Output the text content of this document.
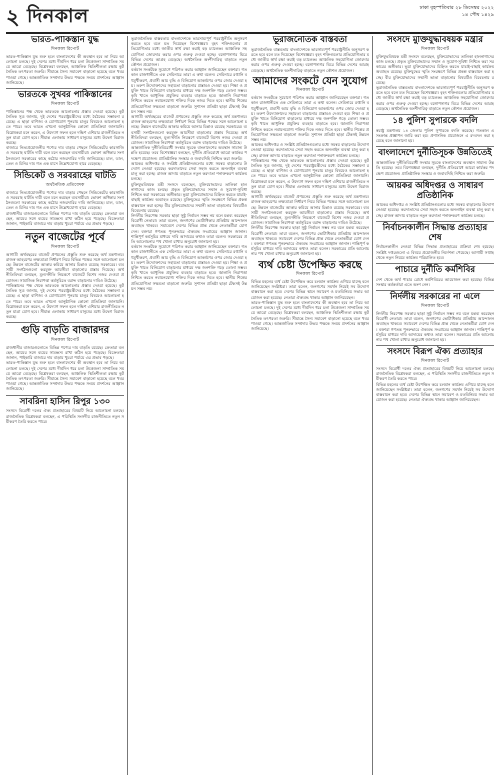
২ দিনকাল	ঢাকা বৃহস্পতিবার ২৮ ডিসেম্বর ২০২২
১৪ পৌষ ১৪২৯
ভারত-পাকিস্তান যুদ্ধ
দিনকাল রিপোর্ট
ভারত-পাকিস্তান যুদ্ধ শুরু হলে বাংলাদেশের কী অবস্থান হবে তা নিয়ে আলোচনা চলছে। দুই দেশের মধ্যে দীর্ঘদিন ধরে চলা উত্তেজনা সাম্প্রতিক সময়ে আরো বেড়েছে। বিশ্লেষকরা বলছেন, আঞ্চলিক স্থিতিশীলতা রক্ষায় কূটনৈতিক তৎপরতা জরুরি। সীমান্তে সৈন্য সমাবেশ বাড়ানো হয়েছে বলে খবর পাওয়া গেছে। আন্তর্জাতিক সম্প্রদায় উভয় পক্ষকে সংযম প্রদর্শনের আহ্বান জানিয়েছে।
ভারতকে সুখবর পাকিস্তানের
দিনকাল রিপোর্ট
পাকিস্তানের পক্ষ থেকে ভারতকে আলোচনার প্রস্তাব দেওয়া হয়েছে। কূটনৈতিক সূত্র জানায়, দুই দেশের পররাষ্ট্রমন্ত্রীদের মধ্যে বৈঠকের সম্ভাবনা রয়েছে। এ ছাড়া বাণিজ্য ও যোগাযোগ পুনরায় চালুর বিষয়েও আলোচনা হতে পারে। তবে ভারত এখনো আনুষ্ঠানিক কোনো প্রতিক্রিয়া জানায়নি। বিশ্লেষকরা মনে করেন, এ উদ্যোগ সফল হলে দক্ষিণ এশিয়ার রাজনীতিতে নতুন মাত্রা যোগ হবে। সীমান্ত এলাকায় সাধারণ মানুষের মধ্যে উদ্বেগ বিরাজ করছে।
বাজারে নিত্যপ্রয়োজনীয় পণ্যের দাম বাড়ার পেছনে সিন্ডিকেটের কারসাজি ও সরবরাহ ঘাটতি দায়ী বলে মনে করছেন ব্যবসায়ীরা। ভোক্তা অধিকার সংগঠনগুলো সরকারের কাছে কঠোর নজরদারির দাবি জানিয়েছে। চাল, ডাল, তেল ও চিনির দাম গত এক মাসে উল্লেখযোগ্য হারে বেড়েছে।
সিন্ডিকেট ও সরবরাহের ঘাটতি
অর্থনৈতিক প্রতিবেদক
বাজারে নিত্যপ্রয়োজনীয় পণ্যের দাম বাড়ার পেছনে সিন্ডিকেটের কারসাজি ও সরবরাহ ঘাটতি দায়ী বলে মনে করছেন ব্যবসায়ীরা। ভোক্তা অধিকার সংগঠনগুলো সরকারের কাছে কঠোর নজরদারির দাবি জানিয়েছে। চাল, ডাল, তেল ও চিনির দাম গত এক মাসে উল্লেখযোগ্য হারে বেড়েছে।
রাজধানীর বাজারগুলোতে বিভিন্ন পণ্যের দাম বাড়তি রয়েছে। ক্রেতারা বলছেন, আয়ের সঙ্গে ব্যয়ের সামঞ্জস্য রাখা কঠিন হয়ে পড়েছে। বিক্রেতারা জানান, পাইকারি বাজারে দাম বাড়ায় খুচরা পর্যায়ে এর প্রভাব পড়ছে।
নতুন বাজেটের পূর্বে
দিনকাল রিপোর্ট
আগামী অর্থবছরের বাজেট প্রণয়নের প্রস্তুতি শুরু করেছে অর্থ মন্ত্রণালয়। রাজস্ব আহরণের লক্ষ্যমাত্রা নির্ধারণ নিয়ে বিভিন্ন পক্ষের সঙ্গে আলোচনা চলছে। উন্নয়ন বাজেটের আকার কমিয়ে আনার চিন্তাও রয়েছে সরকারের। ব্যবসায়ী সংগঠনগুলো করমুক্ত আয়সীমা বাড়ানোর প্রস্তাব দিয়েছে। অর্থনীতিবিদরা বলছেন, মূল্যস্ফীতি নিয়ন্ত্রণে বাজেটে বিশেষ নজর দেওয়া প্রয়োজন। সামাজিক নিরাপত্তা কর্মসূচিতে বরাদ্দ বাড়ানোর দাবিও উঠেছে।
পাকিস্তানের পক্ষ থেকে ভারতকে আলোচনার প্রস্তাব দেওয়া হয়েছে। কূটনৈতিক সূত্র জানায়, দুই দেশের পররাষ্ট্রমন্ত্রীদের মধ্যে বৈঠকের সম্ভাবনা রয়েছে। এ ছাড়া বাণিজ্য ও যোগাযোগ পুনরায় চালুর বিষয়েও আলোচনা হতে পারে। তবে ভারত এখনো আনুষ্ঠানিক কোনো প্রতিক্রিয়া জানায়নি। বিশ্লেষকরা মনে করেন, এ উদ্যোগ সফল হলে দক্ষিণ এশিয়ার রাজনীতিতে নতুন মাত্রা যোগ হবে। সীমান্ত এলাকায় সাধারণ মানুষের মধ্যে উদ্বেগ বিরাজ করছে।
গুড়ি বাড়তি বাজারদর
দিনকাল রিপোর্ট
রাজধানীর বাজারগুলোতে বিভিন্ন পণ্যের দাম বাড়তি রয়েছে। ক্রেতারা বলছেন, আয়ের সঙ্গে ব্যয়ের সামঞ্জস্য রাখা কঠিন হয়ে পড়েছে। বিক্রেতারা জানান, পাইকারি বাজারে দাম বাড়ায় খুচরা পর্যায়ে এর প্রভাব পড়ছে।
ভারত-পাকিস্তান যুদ্ধ শুরু হলে বাংলাদেশের কী অবস্থান হবে তা নিয়ে আলোচনা চলছে। দুই দেশের মধ্যে দীর্ঘদিন ধরে চলা উত্তেজনা সাম্প্রতিক সময়ে আরো বেড়েছে। বিশ্লেষকরা বলছেন, আঞ্চলিক স্থিতিশীলতা রক্ষায় কূটনৈতিক তৎপরতা জরুরি। সীমান্তে সৈন্য সমাবেশ বাড়ানো হয়েছে বলে খবর পাওয়া গেছে। আন্তর্জাতিক সম্প্রদায় উভয় পক্ষকে সংযম প্রদর্শনের আহ্বান জানিয়েছে।
সাবরিনা হাসিন রিপুর ১৩০
সংসদে বিরোধী দলের ঐক্য প্রত্যাহারের বিষয়টি নিয়ে আলোচনা চলছে। রাজনৈতিক বিশ্লেষকরা বলছেন, এ পরিস্থিতি সংসদীয় রাজনীতিতে নতুন সমীকরণ তৈরি করতে পারে।
ভূরাজনৈতিক বাস্তবতায় বাংলাদেশকে ভারসাম্যপূর্ণ পররাষ্ট্রনীতি অনুসরণ করতে হবে বলে মত দিয়েছেন বিশেষজ্ঞরা। বৃহৎ শক্তিগুলোর প্রতিযোগিতার মধ্যে জাতীয় স্বার্থ রক্ষা করাই বড় চ্যালেঞ্জ। আঞ্চলিক সহযোগিতা জোরদার করার ওপর গুরুত্ব দেওয়া হচ্ছে। বঙ্গোপসাগর ঘিরে বিভিন্ন দেশের আগ্রহ বেড়েছে। অর্থনৈতিক অংশীদারিত্ব বাড়াতে নতুন কৌশল প্রয়োজন।
বর্তমান সংকটকে সুযোগে পরিণত করার আহ্বান জানিয়েছেন বক্তারা। গতকাল রাজধানীতে এক সেমিনারে তারা এ কথা বলেন। সেমিনারে রপ্তানি বহুমুখীকরণ, প্রবাসী আয় বৃদ্ধি ও বিনিয়োগ আকর্ষণের ওপর জোর দেওয়া হয়। তরুণ উদ্যোক্তাদের সহায়তা বাড়ানোর প্রস্তাবও দেওয়া হয়। শিক্ষা ও প্রযুক্তি খাতে বিনিয়োগ বাড়ানোর মাধ্যমে দক্ষ জনশক্তি গড়ে তোলা সম্ভব। কৃষি খাতে আধুনিক প্রযুক্তির ব্যবহার বাড়াতে হবে। জ্বালানি নিরাপত্তা নিশ্চিত করতে নবায়নযোগ্য শক্তির দিকে নজর দিতে হবে। স্থানীয় শিল্পের প্রতিযোগিতা সক্ষমতা বাড়ানো জরুরি। সুশাসন প্রতিষ্ঠা ছাড়া টেকসই উন্নয়ন সম্ভব নয়।
আগামী অর্থবছরের বাজেট প্রণয়নের প্রস্তুতি শুরু করেছে অর্থ মন্ত্রণালয়। রাজস্ব আহরণের লক্ষ্যমাত্রা নির্ধারণ নিয়ে বিভিন্ন পক্ষের সঙ্গে আলোচনা চলছে। উন্নয়ন বাজেটের আকার কমিয়ে আনার চিন্তাও রয়েছে সরকারের। ব্যবসায়ী সংগঠনগুলো করমুক্ত আয়সীমা বাড়ানোর প্রস্তাব দিয়েছে। অর্থনীতিবিদরা বলছেন, মূল্যস্ফীতি নিয়ন্ত্রণে বাজেটে বিশেষ নজর দেওয়া প্রয়োজন। সামাজিক নিরাপত্তা কর্মসূচিতে বরাদ্দ বাড়ানোর দাবিও উঠেছে।
আন্তর্জাতিক দুর্নীতিবিরোধী সংস্থার সূচকে বাংলাদেশের অবস্থান সামান্য উন্নতি হয়েছে। তবে বিশেষজ্ঞরা বলছেন, দুর্নীতি প্রতিরোধে আরো কার্যকর পদক্ষেপ প্রয়োজন। প্রাতিষ্ঠানিক সংস্কার ও জবাবদিহি নিশ্চিত করা জরুরি।
আয়কর অধিদপ্তর ও সংশ্লিষ্ট প্রতিষ্ঠানগুলোর মধ্যে সমন্বয় বাড়ানোর উদ্যোগ নেওয়া হয়েছে। করদাতাদের সেবা সহজ করতে অনলাইন ব্যবস্থা চালু করা হচ্ছে। রাজস্ব আদায় বাড়াতে নতুন করদাতা শনাক্তকরণ কার্যক্রম চলছে।
মুক্তিযুদ্ধবিষয়ক মন্ত্রী সংসদে বলেছেন, মুক্তিযোদ্ধাদের তালিকা হালনাগাদের কাজ চলছে। প্রকৃত মুক্তিযোদ্ধাদের সম্মান ও সুযোগ-সুবিধা নিশ্চিত করা সরকারের অঙ্গীকার। ভুয়া মুক্তিযোদ্ধাদের চিহ্নিত করতে যাচাই-বাছাই কার্যক্রম অব্যাহত রয়েছে। মুক্তিযুদ্ধের স্মৃতি সংরক্ষণে বিভিন্ন প্রকল্প বাস্তবায়ন করা হচ্ছে। বীর মুক্তিযোদ্ধাদের সম্মানী ভাতা বাড়ানোর বিষয়টিও বিবেচনায় রয়েছে।
নির্দলীয় নিরপেক্ষ সরকার ছাড়া সুষ্ঠু নির্বাচন সম্ভব নয় বলে মন্তব্য করেছেন বিরোধী নেতারা। তারা বলেন, জনগণের ভোটাধিকার প্রতিষ্ঠায় আন্দোলন অব্যাহত থাকবে। সমাবেশে দেশের বিভিন্ন প্রান্ত থেকে নেতাকর্মীরা যোগ দেন। বক্তারা গণতন্ত্র পুনরুদ্ধারে ঐক্যবদ্ধ সংগ্রামের আহ্বান জানান। শান্তিপূর্ণ কর্মসূচির মাধ্যমে দাবি আদায়ের কথাও তারা বলেন। সরকারের প্রতি আলোচনার পথ খোলা রাখার অনুরোধ জানানো হয়।
বর্তমান সংকটকে সুযোগে পরিণত করার আহ্বান জানিয়েছেন বক্তারা। গতকাল রাজধানীতে এক সেমিনারে তারা এ কথা বলেন। সেমিনারে রপ্তানি বহুমুখীকরণ, প্রবাসী আয় বৃদ্ধি ও বিনিয়োগ আকর্ষণের ওপর জোর দেওয়া হয়। তরুণ উদ্যোক্তাদের সহায়তা বাড়ানোর প্রস্তাবও দেওয়া হয়। শিক্ষা ও প্রযুক্তি খাতে বিনিয়োগ বাড়ানোর মাধ্যমে দক্ষ জনশক্তি গড়ে তোলা সম্ভব। কৃষি খাতে আধুনিক প্রযুক্তির ব্যবহার বাড়াতে হবে। জ্বালানি নিরাপত্তা নিশ্চিত করতে নবায়নযোগ্য শক্তির দিকে নজর দিতে হবে। স্থানীয় শিল্পের প্রতিযোগিতা সক্ষমতা বাড়ানো জরুরি। সুশাসন প্রতিষ্ঠা ছাড়া টেকসই উন্নয়ন সম্ভব নয়।
ভূরাজনৈতিক বাস্তবতা
ভূরাজনৈতিক বাস্তবতায় বাংলাদেশকে ভারসাম্যপূর্ণ পররাষ্ট্রনীতি অনুসরণ করতে হবে বলে মত দিয়েছেন বিশেষজ্ঞরা। বৃহৎ শক্তিগুলোর প্রতিযোগিতার মধ্যে জাতীয় স্বার্থ রক্ষা করাই বড় চ্যালেঞ্জ। আঞ্চলিক সহযোগিতা জোরদার করার ওপর গুরুত্ব দেওয়া হচ্ছে। বঙ্গোপসাগর ঘিরে বিভিন্ন দেশের আগ্রহ বেড়েছে। অর্থনৈতিক অংশীদারিত্ব বাড়াতে নতুন কৌশল প্রয়োজন।
আমাদের সংকটে যেন সুযোগ
দিনকাল রিপোর্ট
বর্তমান সংকটকে সুযোগে পরিণত করার আহ্বান জানিয়েছেন বক্তারা। গতকাল রাজধানীতে এক সেমিনারে তারা এ কথা বলেন। সেমিনারে রপ্তানি বহুমুখীকরণ, প্রবাসী আয় বৃদ্ধি ও বিনিয়োগ আকর্ষণের ওপর জোর দেওয়া হয়। তরুণ উদ্যোক্তাদের সহায়তা বাড়ানোর প্রস্তাবও দেওয়া হয়। শিক্ষা ও প্রযুক্তি খাতে বিনিয়োগ বাড়ানোর মাধ্যমে দক্ষ জনশক্তি গড়ে তোলা সম্ভব। কৃষি খাতে আধুনিক প্রযুক্তির ব্যবহার বাড়াতে হবে। জ্বালানি নিরাপত্তা নিশ্চিত করতে নবায়নযোগ্য শক্তির দিকে নজর দিতে হবে। স্থানীয় শিল্পের প্রতিযোগিতা সক্ষমতা বাড়ানো জরুরি। সুশাসন প্রতিষ্ঠা ছাড়া টেকসই উন্নয়ন সম্ভব নয়।
আয়কর অধিদপ্তর ও সংশ্লিষ্ট প্রতিষ্ঠানগুলোর মধ্যে সমন্বয় বাড়ানোর উদ্যোগ নেওয়া হয়েছে। করদাতাদের সেবা সহজ করতে অনলাইন ব্যবস্থা চালু করা হচ্ছে। রাজস্ব আদায় বাড়াতে নতুন করদাতা শনাক্তকরণ কার্যক্রম চলছে।
পাকিস্তানের পক্ষ থেকে ভারতকে আলোচনার প্রস্তাব দেওয়া হয়েছে। কূটনৈতিক সূত্র জানায়, দুই দেশের পররাষ্ট্রমন্ত্রীদের মধ্যে বৈঠকের সম্ভাবনা রয়েছে। এ ছাড়া বাণিজ্য ও যোগাযোগ পুনরায় চালুর বিষয়েও আলোচনা হতে পারে। তবে ভারত এখনো আনুষ্ঠানিক কোনো প্রতিক্রিয়া জানায়নি। বিশ্লেষকরা মনে করেন, এ উদ্যোগ সফল হলে দক্ষিণ এশিয়ার রাজনীতিতে নতুন মাত্রা যোগ হবে। সীমান্ত এলাকায় সাধারণ মানুষের মধ্যে উদ্বেগ বিরাজ করছে।
আগামী অর্থবছরের বাজেট প্রণয়নের প্রস্তুতি শুরু করেছে অর্থ মন্ত্রণালয়। রাজস্ব আহরণের লক্ষ্যমাত্রা নির্ধারণ নিয়ে বিভিন্ন পক্ষের সঙ্গে আলোচনা চলছে। উন্নয়ন বাজেটের আকার কমিয়ে আনার চিন্তাও রয়েছে সরকারের। ব্যবসায়ী সংগঠনগুলো করমুক্ত আয়সীমা বাড়ানোর প্রস্তাব দিয়েছে। অর্থনীতিবিদরা বলছেন, মূল্যস্ফীতি নিয়ন্ত্রণে বাজেটে বিশেষ নজর দেওয়া প্রয়োজন। সামাজিক নিরাপত্তা কর্মসূচিতে বরাদ্দ বাড়ানোর দাবিও উঠেছে।
নির্দলীয় নিরপেক্ষ সরকার ছাড়া সুষ্ঠু নির্বাচন সম্ভব নয় বলে মন্তব্য করেছেন বিরোধী নেতারা। তারা বলেন, জনগণের ভোটাধিকার প্রতিষ্ঠায় আন্দোলন অব্যাহত থাকবে। সমাবেশে দেশের বিভিন্ন প্রান্ত থেকে নেতাকর্মীরা যোগ দেন। বক্তারা গণতন্ত্র পুনরুদ্ধারে ঐক্যবদ্ধ সংগ্রামের আহ্বান জানান। শান্তিপূর্ণ কর্মসূচির মাধ্যমে দাবি আদায়ের কথাও তারা বলেন। সরকারের প্রতি আলোচনার পথ খোলা রাখার অনুরোধ জানানো হয়।
ব্যর্থ চেষ্টা উপেক্ষিত করছে
দিনকাল রিপোর্ট
বিভিন্ন মহলের ব্যর্থ চেষ্টা উপেক্ষিত করে চলমান কার্যক্রম এগিয়ে যাচ্ছে বলে জানিয়েছেন সংশ্লিষ্টরা। তারা বলেন, জনগণের সমর্থন নিয়েই সব উদ্যোগ বাস্তবায়ন করা হবে। দেশের বিভিন্ন স্থানে সমাবেশ ও মতবিনিময় সভার আয়োজন করা হয়েছে। নেতারা ঐক্যবদ্ধ থাকার আহ্বান জানিয়েছেন।
ভারত-পাকিস্তান যুদ্ধ শুরু হলে বাংলাদেশের কী অবস্থান হবে তা নিয়ে আলোচনা চলছে। দুই দেশের মধ্যে দীর্ঘদিন ধরে চলা উত্তেজনা সাম্প্রতিক সময়ে আরো বেড়েছে। বিশ্লেষকরা বলছেন, আঞ্চলিক স্থিতিশীলতা রক্ষায় কূটনৈতিক তৎপরতা জরুরি। সীমান্তে সৈন্য সমাবেশ বাড়ানো হয়েছে বলে খবর পাওয়া গেছে। আন্তর্জাতিক সম্প্রদায় উভয় পক্ষকে সংযম প্রদর্শনের আহ্বান জানিয়েছে।
সংসদে মুক্তিযুদ্ধবিষয়ক মন্ত্রীর
দিনকাল রিপোর্ট
মুক্তিযুদ্ধবিষয়ক মন্ত্রী সংসদে বলেছেন, মুক্তিযোদ্ধাদের তালিকা হালনাগাদের কাজ চলছে। প্রকৃত মুক্তিযোদ্ধাদের সম্মান ও সুযোগ-সুবিধা নিশ্চিত করা সরকারের অঙ্গীকার। ভুয়া মুক্তিযোদ্ধাদের চিহ্নিত করতে যাচাই-বাছাই কার্যক্রম অব্যাহত রয়েছে। মুক্তিযুদ্ধের স্মৃতি সংরক্ষণে বিভিন্ন প্রকল্প বাস্তবায়ন করা হচ্ছে। বীর মুক্তিযোদ্ধাদের সম্মানী ভাতা বাড়ানোর বিষয়টিও বিবেচনায় রয়েছে।
ভূরাজনৈতিক বাস্তবতায় বাংলাদেশকে ভারসাম্যপূর্ণ পররাষ্ট্রনীতি অনুসরণ করতে হবে বলে মত দিয়েছেন বিশেষজ্ঞরা। বৃহৎ শক্তিগুলোর প্রতিযোগিতার মধ্যে জাতীয় স্বার্থ রক্ষা করাই বড় চ্যালেঞ্জ। আঞ্চলিক সহযোগিতা জোরদার করার ওপর গুরুত্ব দেওয়া হচ্ছে। বঙ্গোপসাগর ঘিরে বিভিন্ন দেশের আগ্রহ বেড়েছে। অর্থনৈতিক অংশীদারিত্ব বাড়াতে নতুন কৌশল প্রয়োজন।
১৪ পুলিশ সুপারকে বদলি
স্বরাষ্ট্র মন্ত্রণালয় ১৪ জেলার পুলিশ সুপারকে বদলি করেছে। গতকাল এ সংক্রান্ত প্রজ্ঞাপন জারি করা হয়। প্রশাসনিক প্রয়োজনে এ রদবদল করা হয়েছে বলে জানানো হয়।
বাংলাদেশে দুর্নীতিসূচক উন্নতিতেই
আন্তর্জাতিক দুর্নীতিবিরোধী সংস্থার সূচকে বাংলাদেশের অবস্থান সামান্য উন্নতি হয়েছে। তবে বিশেষজ্ঞরা বলছেন, দুর্নীতি প্রতিরোধে আরো কার্যকর পদক্ষেপ প্রয়োজন। প্রাতিষ্ঠানিক সংস্কার ও জবাবদিহি নিশ্চিত করা জরুরি।
আয়কর অধিদপ্তর ও সাধারণ প্রতিষ্ঠানিক
আয়কর অধিদপ্তর ও সংশ্লিষ্ট প্রতিষ্ঠানগুলোর মধ্যে সমন্বয় বাড়ানোর উদ্যোগ নেওয়া হয়েছে। করদাতাদের সেবা সহজ করতে অনলাইন ব্যবস্থা চালু করা হচ্ছে। রাজস্ব আদায় বাড়াতে নতুন করদাতা শনাক্তকরণ কার্যক্রম চলছে।
নির্বাচনকালীন সিদ্ধান্ত প্রত্যাহার শেষ
নির্বাচনকালীন নেওয়া বিভিন্ন সিদ্ধান্ত প্রত্যাহারের প্রক্রিয়া শেষ হয়েছে। সংশ্লিষ্ট দপ্তরগুলো এ বিষয়ে প্রয়োজনীয় নির্দেশনা পেয়েছে। আগামী সপ্তাহ থেকে নতুন নিয়মে কার্যক্রম পরিচালিত হবে।
পাচারে দুর্নীতি কর্মশিবির
দেশ থেকে অর্থ পাচার রোধে কর্মশিবিরের আয়োজন করা হয়েছে। বিভিন্ন সংস্থার কর্মকর্তারা এতে অংশ নেন।
নির্দলীয় সরকারের না এলে
দিনকাল রিপোর্ট
নির্দলীয় নিরপেক্ষ সরকার ছাড়া সুষ্ঠু নির্বাচন সম্ভব নয় বলে মন্তব্য করেছেন বিরোধী নেতারা। তারা বলেন, জনগণের ভোটাধিকার প্রতিষ্ঠায় আন্দোলন অব্যাহত থাকবে। সমাবেশে দেশের বিভিন্ন প্রান্ত থেকে নেতাকর্মীরা যোগ দেন। বক্তারা গণতন্ত্র পুনরুদ্ধারে ঐক্যবদ্ধ সংগ্রামের আহ্বান জানান। শান্তিপূর্ণ কর্মসূচির মাধ্যমে দাবি আদায়ের কথাও তারা বলেন। সরকারের প্রতি আলোচনার পথ খোলা রাখার অনুরোধ জানানো হয়।
সংসদে বিরূপ ঐক্য প্রত্যাহার
দিনকাল রিপোর্ট
সংসদে বিরোধী দলের ঐক্য প্রত্যাহারের বিষয়টি নিয়ে আলোচনা চলছে। রাজনৈতিক বিশ্লেষকরা বলছেন, এ পরিস্থিতি সংসদীয় রাজনীতিতে নতুন সমীকরণ তৈরি করতে পারে।
বিভিন্ন মহলের ব্যর্থ চেষ্টা উপেক্ষিত করে চলমান কার্যক্রম এগিয়ে যাচ্ছে বলে জানিয়েছেন সংশ্লিষ্টরা। তারা বলেন, জনগণের সমর্থন নিয়েই সব উদ্যোগ বাস্তবায়ন করা হবে। দেশের বিভিন্ন স্থানে সমাবেশ ও মতবিনিময় সভার আয়োজন করা হয়েছে। নেতারা ঐক্যবদ্ধ থাকার আহ্বান জানিয়েছেন।
